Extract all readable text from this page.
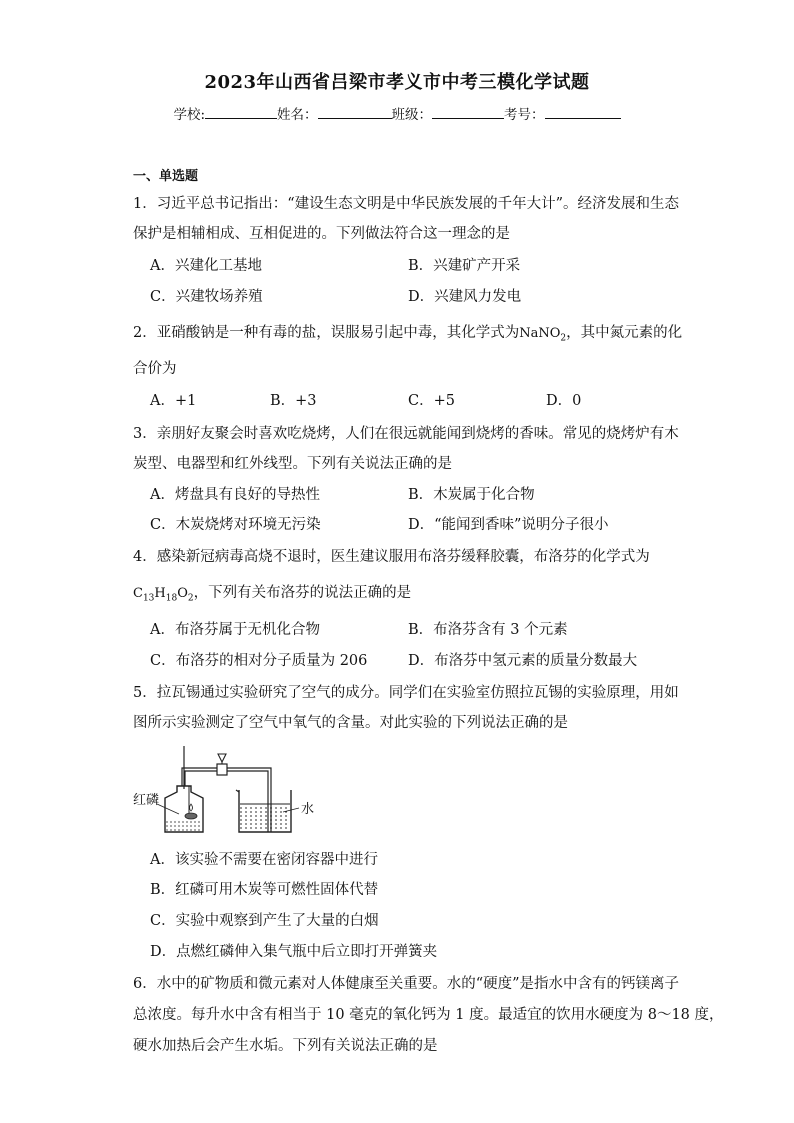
2023年山西省吕梁市孝义市中考三模化学试题
学校:	姓名：	班级：	考号：
一、单选题
1．习近平总书记指出：“建设生态文明是中华民族发展的千年大计”。经济发展和生态
保护是相辅相成、互相促进的。下列做法符合这一理念的是
A．兴建化工基地	B．兴建矿产开采
C．兴建牧场养殖	D．兴建风力发电
2．亚硝酸钠是一种有毒的盐，误服易引起中毒，其化学式为NaNO$_2$，其中氮元素的化
合价为
A．+1	B．+3	C．+5	D．0
3．亲朋好友聚会时喜欢吃烧烤，人们在很远就能闻到烧烤的香味。常见的烧烤炉有木
炭型、电器型和红外线型。下列有关说法正确的是
A．烤盘具有良好的导热性	B．木炭属于化合物
C．木炭烧烤对环境无污染	D．“能闻到香味”说明分子很小
4．感染新冠病毒高烧不退时，医生建议服用布洛芬缓释胶囊，布洛芬的化学式为
$C_{13}H_{18}O_2$，下列有关布洛芬的说法正确的是
A．布洛芬属于无机化合物	B．布洛芬含有 3 个元素
C．布洛芬的相对分子质量为 206	D．布洛芬中氢元素的质量分数最大
5．拉瓦锡通过实验研究了空气的成分。同学们在实验室仿照拉瓦锡的实验原理，用如
图所示实验测定了空气中氧气的含量。对此实验的下列说法正确的是
红磷
水
A．该实验不需要在密闭容器中进行
B．红磷可用木炭等可燃性固体代替
C．实验中观察到产生了大量的白烟
D．点燃红磷伸入集气瓶中后立即打开弹簧夹
6．水中的矿物质和微元素对人体健康至关重要。水的“硬度”是指水中含有的钙镁离子
总浓度。每升水中含有相当于 10 毫克的氧化钙为 1 度。最适宜的饮用水硬度为 8～18 度，
硬水加热后会产生水垢。下列有关说法正确的是
